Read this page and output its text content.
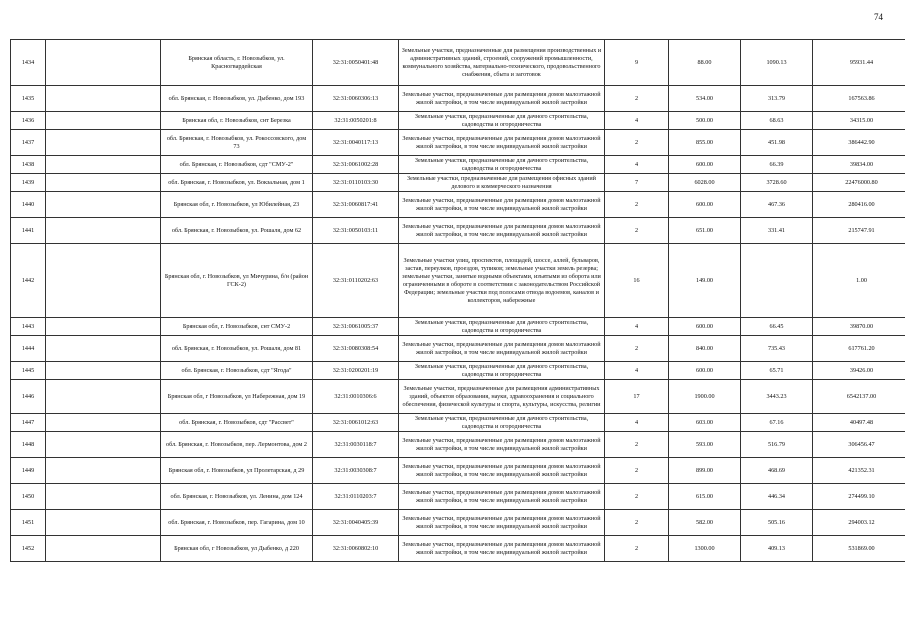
74
1434		Брянская область, г. Новозыбков, ул. Красногвардейская	32:31:0050401:48	Земельные участки, предназначенные для размещения производственных и административных зданий, строений, сооружений промышленности, коммунального хозяйства, материально-технического, продовольственного снабжения, сбыта и заготовок	9	88.00	1090.13	95931.44
1435		обл. Брянская, г. Новозыбков, ул. Дыбенко, дом 193	32:31:0060306:13	Земельные участки, предназначенные для размещения домов малоэтажной жилой застройки, в том числе индивидуальной жилой застройки	2	534.00	313.79	167563.86
1436		Брянская обл, г. Новозыбков, снт Березка	32:31:0050201:8	Земельные участки, предназначенные для дачного строительства, садоводства и огородничества	4	500.00	68.63	34315.00
1437		обл. Брянская, г. Новозыбков, ул. Рокоссовского, дом 73	32:31:0040117:13	Земельные участки, предназначенные для размещения домов малоэтажной жилой застройки, в том числе индивидуальной жилой застройки	2	855.00	451.98	386442.90
1438		обл. Брянская, г. Новозыбков, сдт "СМУ-2"	32:31:0061002:28	Земельные участки, предназначенные для дачного строительства, садоводства и огородничества	4	600.00	66.39	39834.00
1439		обл. Брянская, г. Новозыбков, ул. Вокзальная, дом 1	32:31:0110103:30	Земельные участки, предназначенные для размещения офисных зданий делового и коммерческого назначения	7	6028.00	3728.60	22476000.80
1440		Брянская обл, г. Новозыбков, ул Юбилейная, 23	32:31:0060817:41	Земельные участки, предназначенные для размещения домов малоэтажной жилой застройки, в том числе индивидуальной жилой застройки	2	600.00	467.36	280416.00
1441		обл. Брянская, г. Новозыбков, ул. Рошаля, дом 62	32:31:0050103:11	Земельные участки, предназначенные для размещения домов малоэтажной жилой застройки, в том числе индивидуальной жилой застройки	2	651.00	331.41	215747.91
1442		Брянская обл, г. Новозыбков, ул Мичурина, б/н (район ГСК-2)	32:31:0110202:63	Земельные участки улиц, проспектов, площадей, шоссе, аллей, бульваров, застав, переулков, проездов, тупиков; земельные участки земель резерва; земельные участки, занятые водными объектами, изъятыми из оборота или ограниченными в обороте в соответствии с законодательством Российской Федерации; земельные участки под полосами отвода водоемов, каналов и коллекторов, набережные	16	149.00		1.00
1443		Брянская обл, г. Новозыбков, снт СМУ-2	32:31:0061005:37	Земельные участки, предназначенные для дачного строительства, садоводства и огородничества	4	600.00	66.45	39870.00
1444		обл. Брянская, г. Новозыбков, ул. Рошаля, дом 81	32:31:0080308:54	Земельные участки, предназначенные для размещения домов малоэтажной жилой застройки, в том числе индивидуальной жилой застройки	2	840.00	735.43	617761.20
1445		обл. Брянская, г. Новозыбков, сдт "Ягода"	32:31:0200201:19	Земельные участки, предназначенные для дачного строительства, садоводства и огородничества	4	600.00	65.71	39426.00
1446		Брянская обл, г Новозыбков, ул Набережная, дом 19	32:31:0010306:6	Земельные участки, предназначенные для размещения административных зданий, объектов образования, науки, здравоохранения и социального обеспечения, физической культуры и спорта, культуры, искусства, религии	17	1900.00	3443.23	6542137.00
1447		обл. Брянская, г. Новозыбков, сдт "Рассвет"	32:31:0061012:63	Земельные участки, предназначенные для дачного строительства, садоводства и огородничества	4	603.00	67.16	40497.48
1448		обл. Брянская, г. Новозыбков, пер. Лермонтова, дом 2	32:31:0030118:7	Земельные участки, предназначенные для размещения домов малоэтажной жилой застройки, в том числе индивидуальной жилой застройки	2	593.00	516.79	306456.47
1449		Брянская обл, г. Новозыбков, ул Пролетарская, д 29	32:31:0030308:7	Земельные участки, предназначенные для размещения домов малоэтажной жилой застройки, в том числе индивидуальной жилой застройки	2	899.00	468.69	421352.31
1450		обл. Брянская, г. Новозыбков, ул. Ленина, дом 124	32:31:0110203:7	Земельные участки, предназначенные для размещения домов малоэтажной жилой застройки, в том числе индивидуальной жилой застройки	2	615.00	446.34	274499.10
1451		обл. Брянская, г. Новозыбков, пер. Гагарина, дом 10	32:31:0040405:39	Земельные участки, предназначенные для размещения домов малоэтажной жилой застройки, в том числе индивидуальной жилой застройки	2	582.00	505.16	294003.12
1452		Брянская обл, г Новозыбков, ул Дыбенко, д 220	32:31:0060802:10	Земельные участки, предназначенные для размещения домов малоэтажной жилой застройки, в том числе индивидуальной жилой застройки	2	1300.00	409.13	531869.00
